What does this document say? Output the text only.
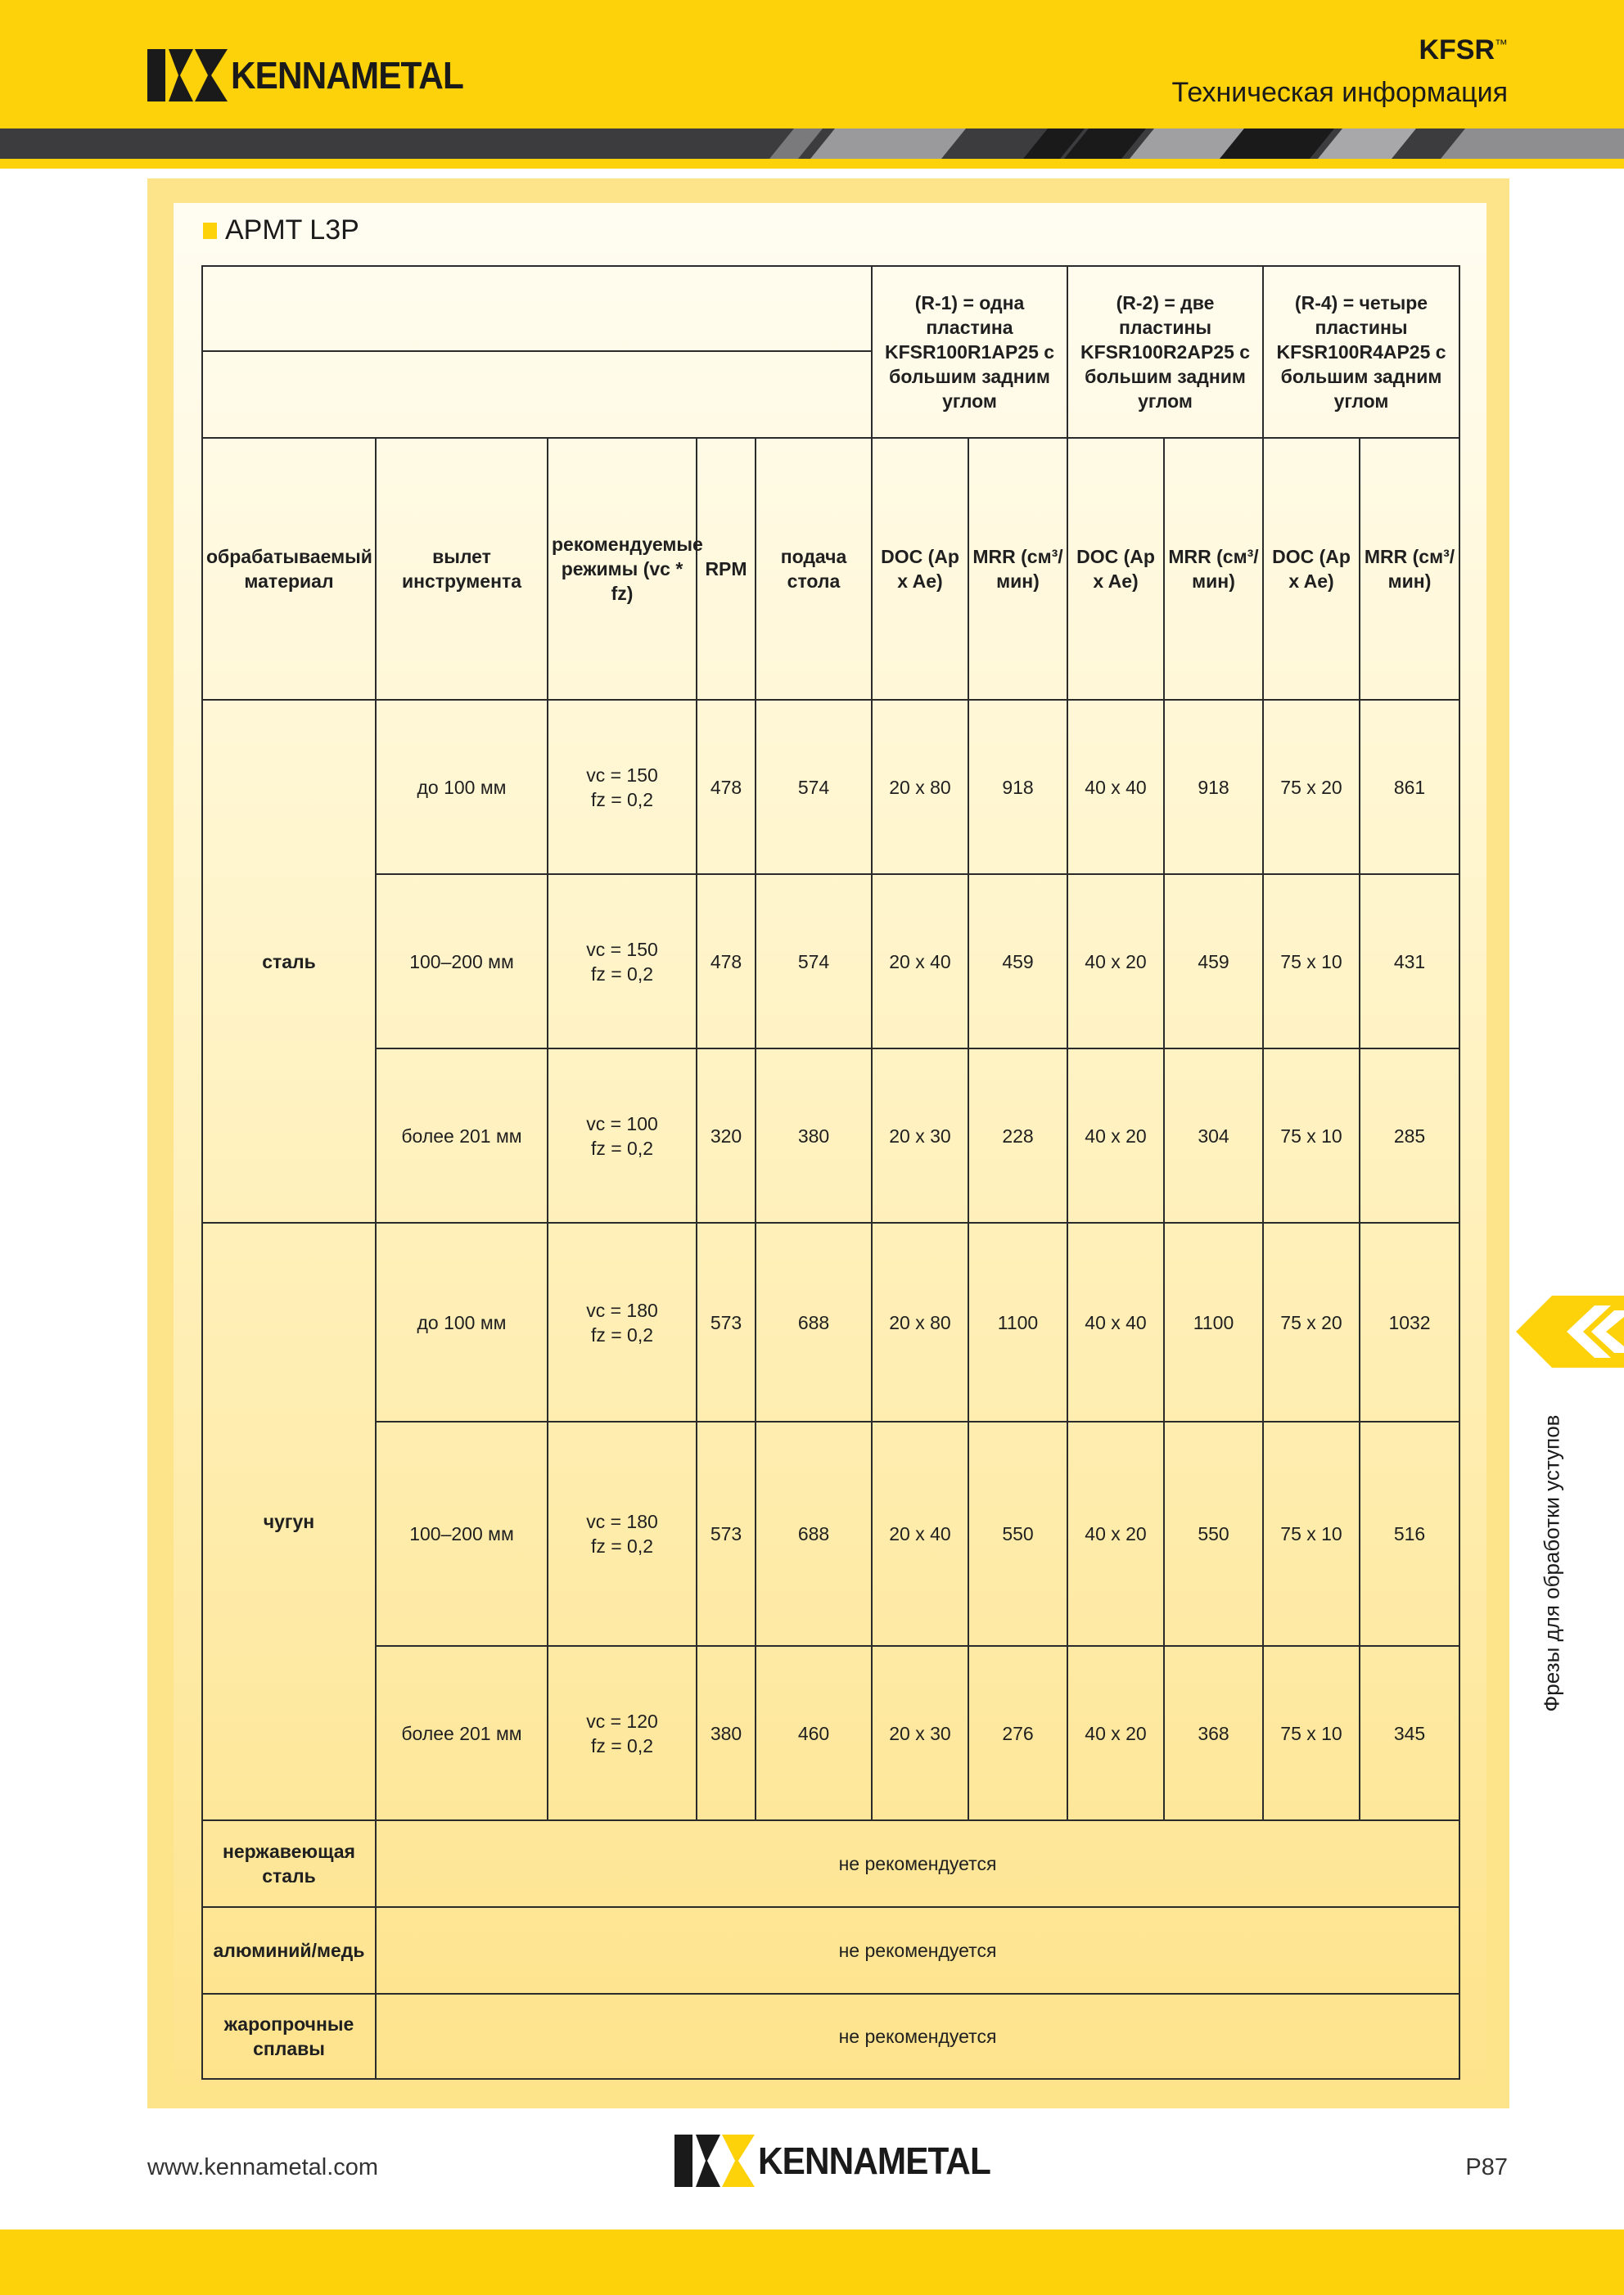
KENNAMETAL
KFSR™
Техническая информация
APMT L3P
					(R-1) = одна пластина KFSR100R1AP25 с большим задним углом		(R-2) = две пластины KFSR100R2AP25 с большим задним углом		(R-4) = четыре пластины KFSR100R4AP25 с большим задним углом	

обрабатываемый материал	вылет инструмента	рекомендуемые режимы (vc * fz)	RPM	подача стола	DOC (Ap x Ae)	MRR (см³/мин)	DOC (Ap x Ae)	MRR (см³/мин)	DOC (Ap x Ae)	MRR (см³/мин)
сталь	до 100 мм	vc = 150
fz = 0,2	478	574	20 x 80	918	40 x 40	918	75 x 20	861
	100–200 мм	vc = 150
fz = 0,2	478	574	20 x 40	459	40 x 20	459	75 x 10	431
	более 201 мм	vc = 100
fz = 0,2	320	380	20 x 30	228	40 x 20	304	75 x 10	285
чугун	до 100 мм	vc = 180
fz = 0,2	573	688	20 x 80	1100	40 x 40	1100	75 x 20	1032
	100–200 мм	vc = 180
fz = 0,2	573	688	20 x 40	550	40 x 20	550	75 x 10	516
	более 201 мм	vc = 120
fz = 0,2	380	460	20 x 30	276	40 x 20	368	75 x 10	345
нержавеющая сталь	не рекомендуется									
алюминий/медь	не рекомендуется									
жаропрочные сплавы	не рекомендуется									
Фрезы для обработки уступов
www.kennametal.com	KENNAMETAL	P87
